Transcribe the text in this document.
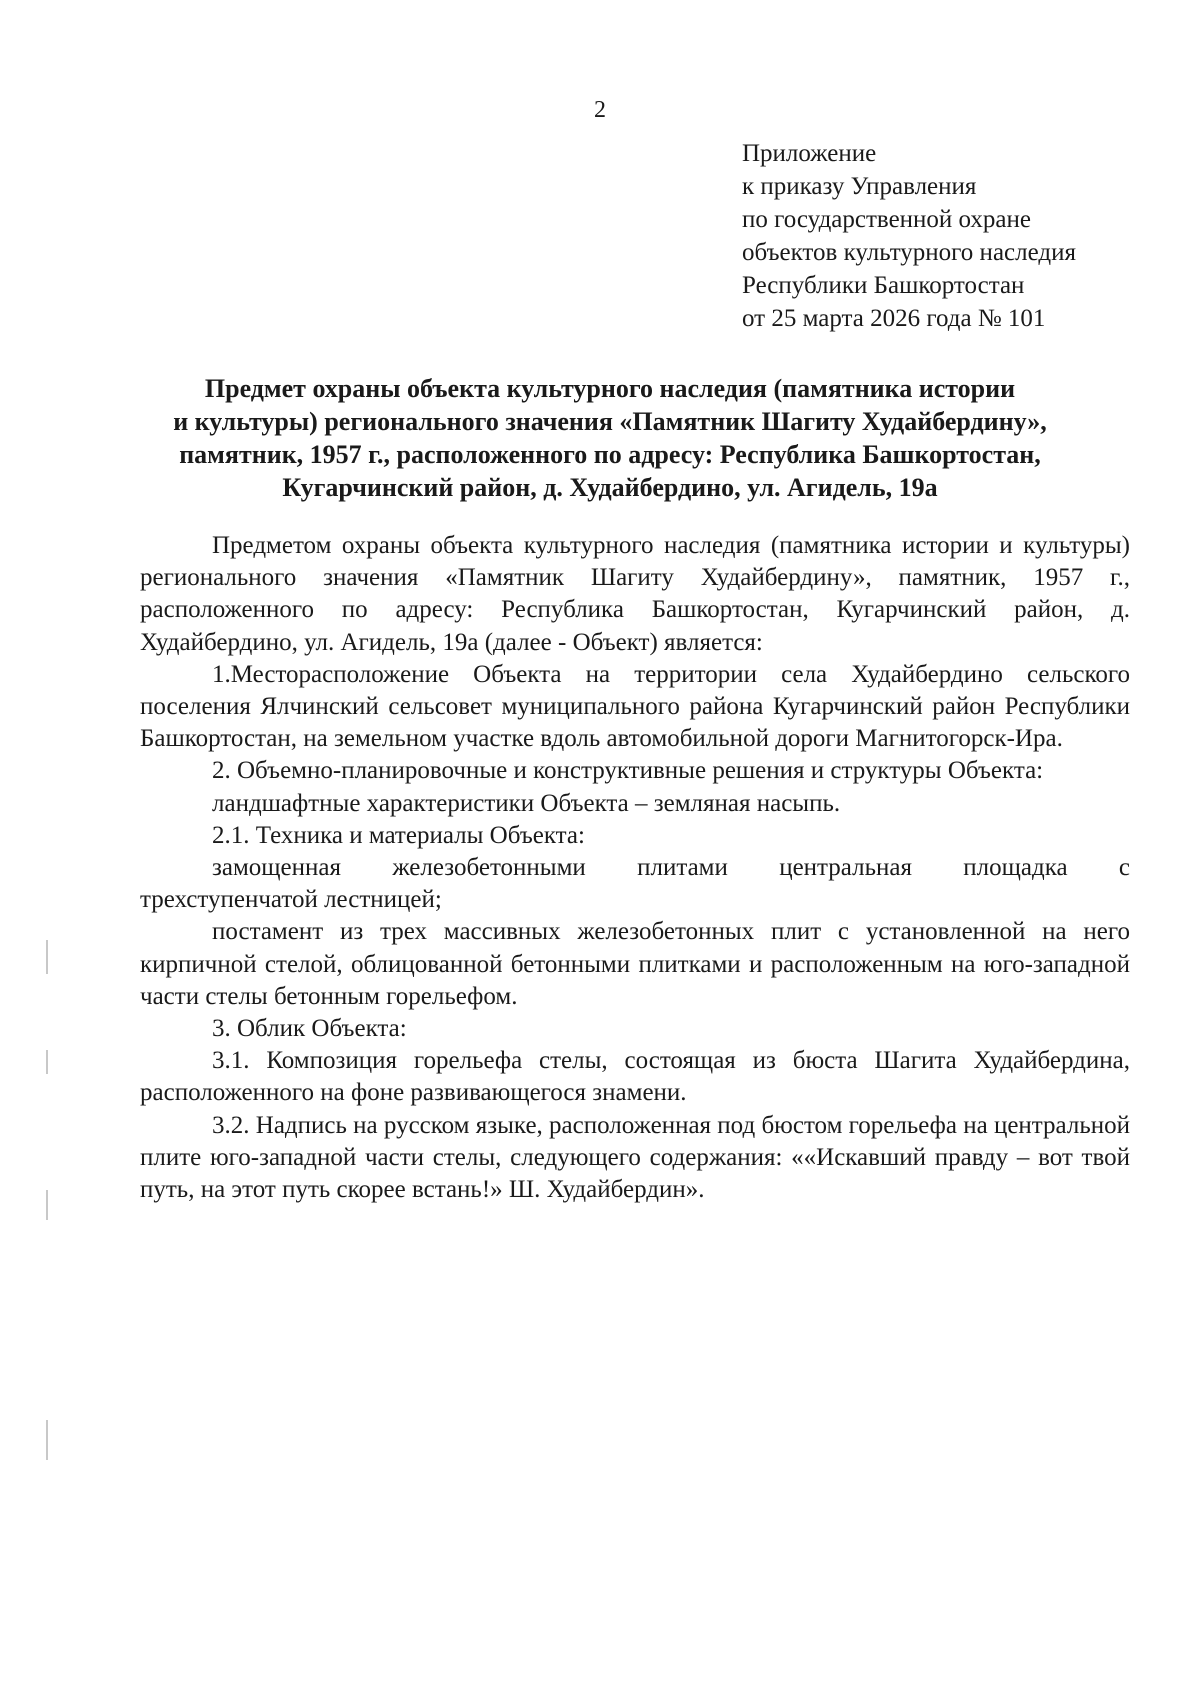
2
Приложение
к приказу Управления
по государственной охране
объектов культурного наследия
Республики Башкортостан
от 25 марта 2026 года № 101
Предмет охраны объекта культурного наследия (памятника истории
и культуры) регионального значения «Памятник Шагиту Худайбердину»,
памятник, 1957 г., расположенного по адресу: Республика Башкортостан,
Кугарчинский район, д. Худайбердино, ул. Агидель, 19а

Предметом охраны объекта культурного наследия (памятника истории и культуры) регионального значения «Памятник Шагиту Худайбердину», памятник, 1957 г., расположенного по адресу: Республика Башкортостан, Кугарчинский район, д. Худайбердино, ул. Агидель, 19а (далее - Объект) является:

1.Месторасположение Объекта на территории села Худайбердино сельского поселения Ялчинский сельсовет муниципального района Кугарчинский район Республики Башкортостан, на земельном участке вдоль автомобильной дороги Магнитогорск-Ира.

2. Объемно-планировочные и конструктивные решения и структуры Объекта:

ландшафтные характеристики Объекта – земляная насыпь.

2.1. Техника и материалы Объекта:

замощенная железобетонными плитами центральная площадка с

трехступенчатой лестницей;

постамент из трех массивных железобетонных плит с установленной на него кирпичной стелой, облицованной бетонными плитками и расположенным на юго-западной части стелы бетонным горельефом.

3. Облик Объекта:

3.1. Композиция горельефа стелы, состоящая из бюста Шагита Худайбердина, расположенного на фоне развивающегося знамени.

3.2. Надпись на русском языке, расположенная под бюстом горельефа на центральной плите юго-западной части стелы, следующего содержания: ««Искавший правду – вот твой путь, на этот путь скорее встань!» Ш. Худайбердин».
